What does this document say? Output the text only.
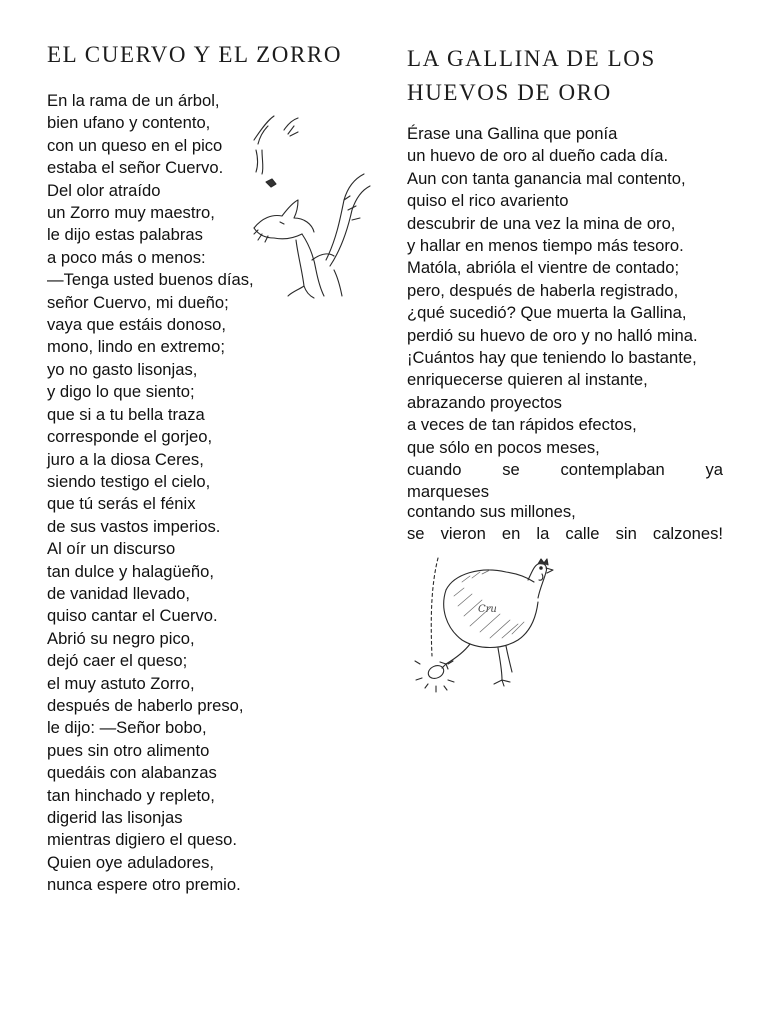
EL CUERVO Y EL ZORRO
En la rama de un árbol,
bien ufano y contento,
con un queso en el pico
estaba el señor Cuervo.
Del olor atraído
un Zorro muy maestro,
le dijo estas palabras
a poco más o menos:
—Tenga usted buenos días,
señor Cuervo, mi dueño;
vaya que estáis donoso,
mono, lindo en extremo;
yo no gasto lisonjas,
y digo lo que siento;
que si a tu bella traza
corresponde el gorjeo,
juro a la diosa Ceres,
siendo testigo el cielo,
que tú serás el fénix
de sus vastos imperios.
Al oír un discurso
tan dulce y halagüeño,
de vanidad llevado,
quiso cantar el Cuervo.
Abrió su negro pico,
dejó caer el queso;
el muy astuto Zorro,
después de haberlo preso,
le dijo: —Señor bobo,
pues sin otro alimento
quedáis con alabanzas
tan hinchado y repleto,
digerid las lisonjas
mientras digiero el queso.
Quien oye aduladores,
nunca espere otro premio.
LA GALLINA DE LOS
HUEVOS DE ORO
Érase una Gallina que ponía
un huevo de oro al dueño cada día.
Aun con tanta ganancia mal contento,
quiso el rico avariento
descubrir de una vez la mina de oro,
y hallar en menos tiempo más tesoro.
Matóla, abrióla el vientre de contado;
pero, después de haberla registrado,
¿qué sucedió? Que muerta la Gallina,
perdió su huevo de oro y no halló mina.
¡Cuántos hay que teniendo lo bastante,
enriquecerse quieren al instante,
abrazando proyectos
a veces de tan rápidos efectos,
que sólo en pocos meses,
cuando se contemplaban ya
marqueses
contando sus millones,
se vieron en la calle sin calzones!
Cru
